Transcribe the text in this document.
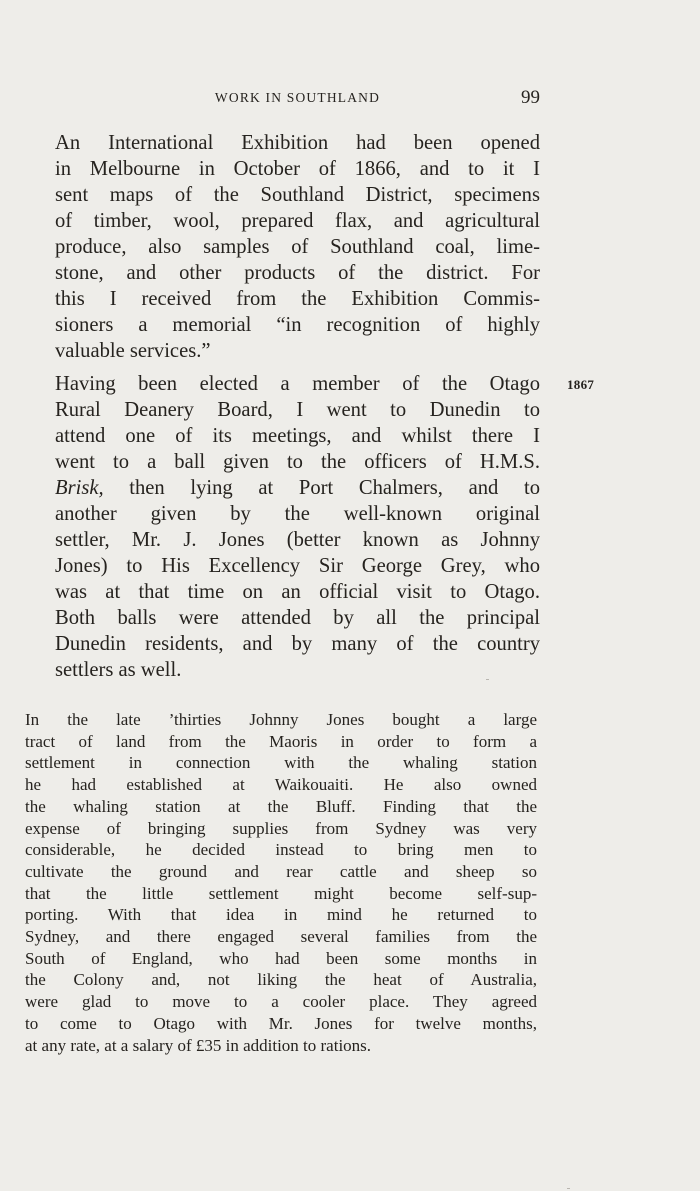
WORK IN SOUTHLAND	99
An International Exhibition had been opened
in Melbourne in October of 1866, and to it I
sent maps of the Southland District, specimens
of timber, wool, prepared flax, and agricultural
produce, also samples of Southland coal, lime-
stone, and other products of the district. For
this I received from the Exhibition Commis-
sioners a memorial “in recognition of highly
valuable services.”
1867
Having been elected a member of the Otago
Rural Deanery Board, I went to Dunedin to
attend one of its meetings, and whilst there I
went to a ball given to the officers of H.M.S.
Brisk, then lying at Port Chalmers, and to
another given by the well-known original
settler, Mr. J. Jones (better known as Johnny
Jones) to His Excellency Sir George Grey, who
was at that time on an official visit to Otago.
Both balls were attended by all the principal
Dunedin residents, and by many of the country
settlers as well.
In the late ’thirties Johnny Jones bought a large
tract of land from the Maoris in order to form a
settlement in connection with the whaling station
he had established at Waikouaiti. He also owned
the whaling station at the Bluff. Finding that the
expense of bringing supplies from Sydney was very
considerable, he decided instead to bring men to
cultivate the ground and rear cattle and sheep so
that the little settlement might become self-sup-
porting. With that idea in mind he returned to
Sydney, and there engaged several families from the
South of England, who had been some months in
the Colony and, not liking the heat of Australia,
were glad to move to a cooler place. They agreed
to come to Otago with Mr. Jones for twelve months,
at any rate, at a salary of £35 in addition to rations.
